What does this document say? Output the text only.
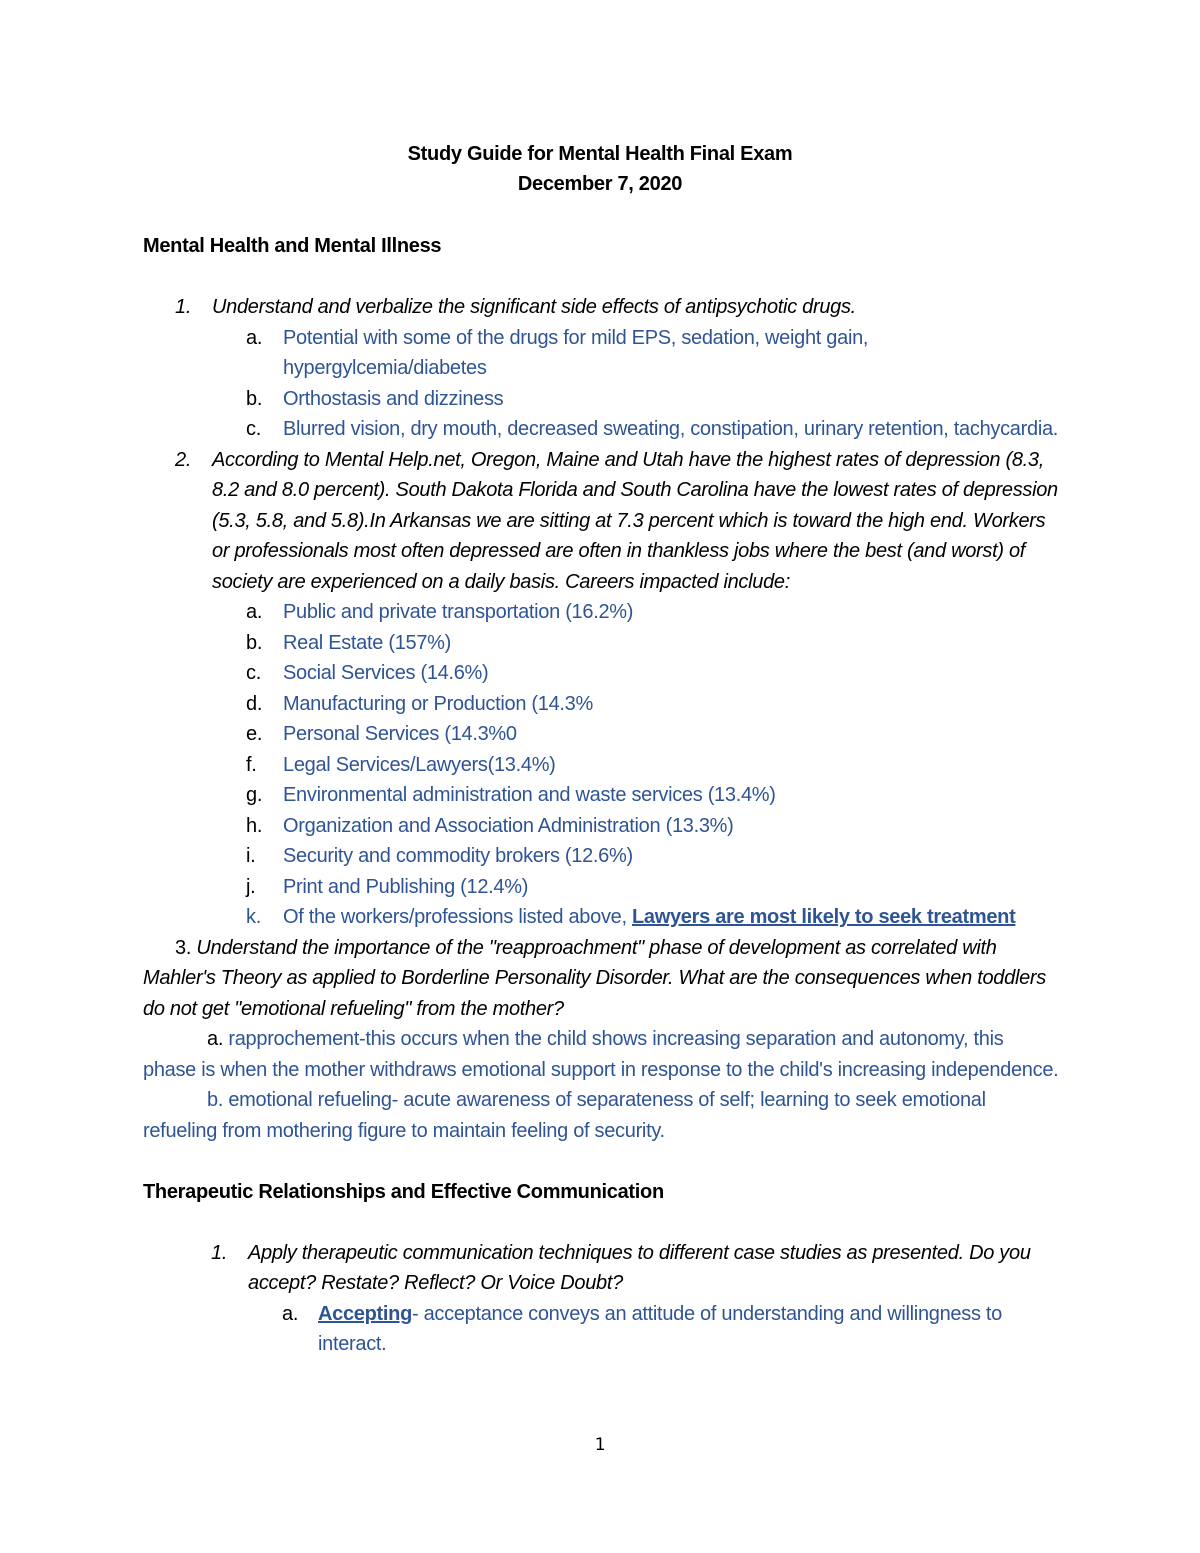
Study Guide for Mental Health Final Exam
December 7, 2020
Mental Health and Mental Illness
1. Understand and verbalize the significant side effects of antipsychotic drugs.
a. Potential with some of the drugs for mild EPS, sedation, weight gain,
hypergylcemia/diabetes
b. Orthostasis and dizziness
c. Blurred vision, dry mouth, decreased sweating, constipation, urinary retention, tachycardia.
2. According to Mental Help.net, Oregon, Maine and Utah have the highest rates of depression (8.3,
8.2 and 8.0 percent). South Dakota Florida and South Carolina have the lowest rates of depression
(5.3, 5.8, and 5.8).In Arkansas we are sitting at 7.3 percent which is toward the high end. Workers
or professionals most often depressed are often in thankless jobs where the best (and worst) of
society are experienced on a daily basis. Careers impacted include:
a. Public and private transportation (16.2%)
b. Real Estate (157%)
c. Social Services (14.6%)
d. Manufacturing or Production (14.3%
e. Personal Services (14.3%0
f. Legal Services/Lawyers(13.4%)
g. Environmental administration and waste services (13.4%)
h. Organization and Association Administration (13.3%)
i. Security and commodity brokers (12.6%)
j. Print and Publishing (12.4%)
k. Of the workers/professions listed above, Lawyers are most likely to seek treatment
3. Understand the importance of the "reapproachment" phase of development as correlated with
Mahler's Theory as applied to Borderline Personality Disorder. What are the consequences when toddlers
do not get "emotional refueling" from the mother?
a. rapprochement-this occurs when the child shows increasing separation and autonomy, this
phase is when the mother withdraws emotional support in response to the child's increasing independence.
b. emotional refueling- acute awareness of separateness of self; learning to seek emotional
refueling from mothering figure to maintain feeling of security.
Therapeutic Relationships and Effective Communication
1. Apply therapeutic communication techniques to different case studies as presented. Do you
accept? Restate? Reflect? Or Voice Doubt?
a. Accepting- acceptance conveys an attitude of understanding and willingness to
interact.
1
